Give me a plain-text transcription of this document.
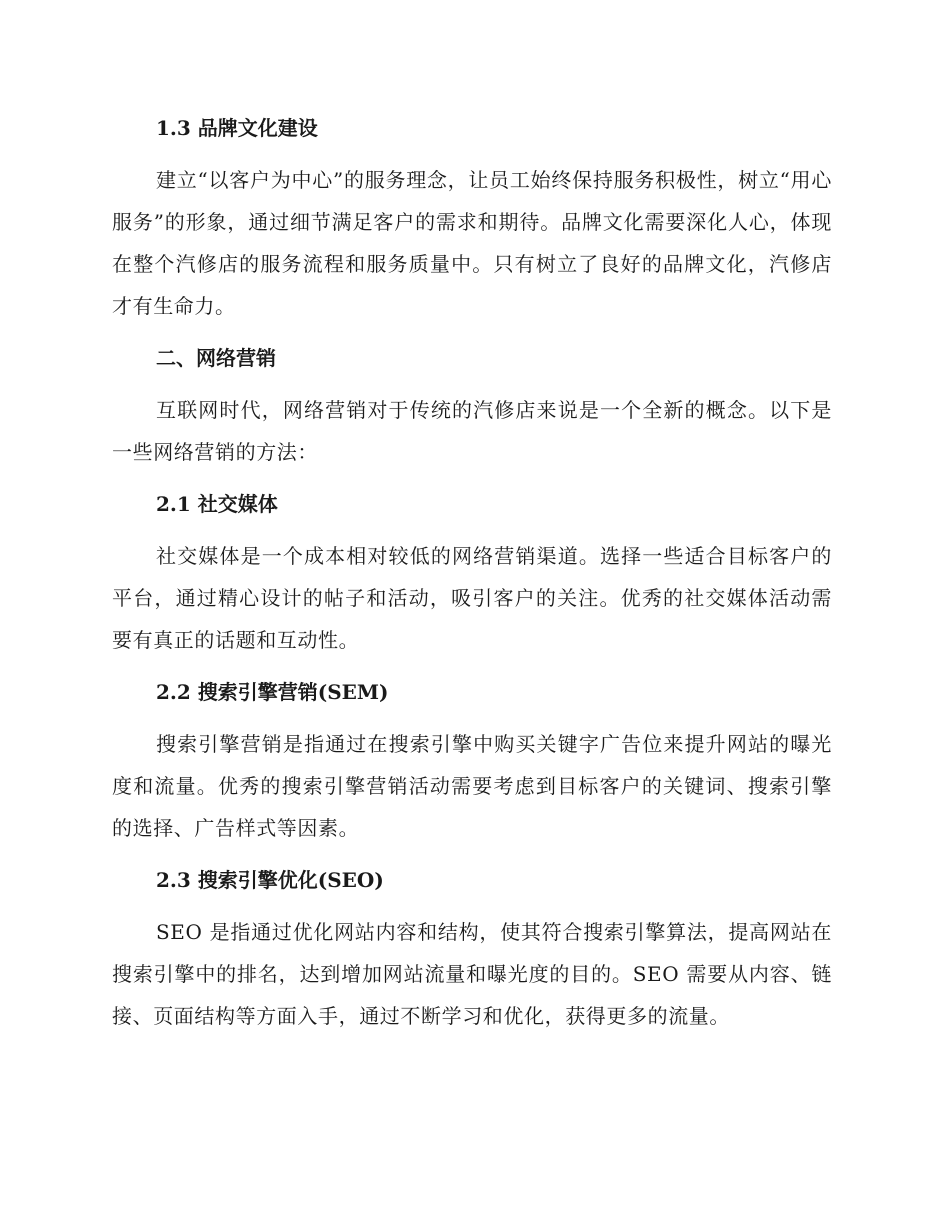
1.3 品牌文化建设

建立“以客户为中心”的服务理念，让员工始终保持服务积极性，树立“用心服务”的形象，通过细节满足客户的需求和期待。品牌文化需要深化人心，体现在整个汽修店的服务流程和服务质量中。只有树立了良好的品牌文化，汽修店才有生命力。

二、网络营销

互联网时代，网络营销对于传统的汽修店来说是一个全新的概念。以下是一些网络营销的方法：

2.1 社交媒体

社交媒体是一个成本相对较低的网络营销渠道。选择一些适合目标客户的平台，通过精心设计的帖子和活动，吸引客户的关注。优秀的社交媒体活动需要有真正的话题和互动性。

2.2 搜索引擎营销(SEM)

搜索引擎营销是指通过在搜索引擎中购买关键字广告位来提升网站的曝光度和流量。优秀的搜索引擎营销活动需要考虑到目标客户的关键词、搜索引擎的选择、广告样式等因素。

2.3 搜索引擎优化(SEO)

SEO 是指通过优化网站内容和结构，使其符合搜索引擎算法，提高网站在搜索引擎中的排名，达到增加网站流量和曝光度的目的。SEO 需要从内容、链接、页面结构等方面入手，通过不断学习和优化，获得更多的流量。
